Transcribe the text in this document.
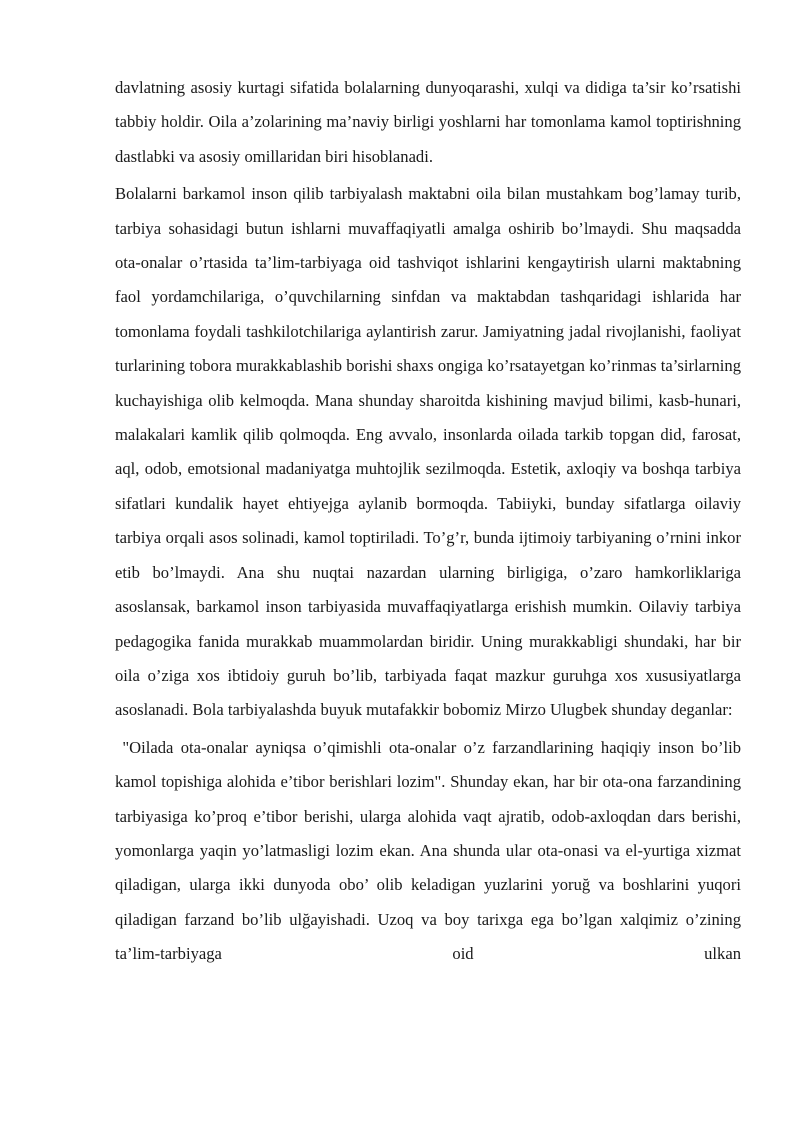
davlatning asosiy kurtagi sifatida bolalarning dunyoqarashi, xulqi va didiga ta’sir ko’rsatishi tabbiy holdir. Oila a’zolarining ma’naviy birligi yoshlarni har tomonlama kamol toptirishning dastlabki va asosiy omillaridan biri hisoblanadi.

Bolalarni barkamol inson qilib tarbiyalash maktabni oila bilan mustahkam bog’lamay turib, tarbiya sohasidagi butun ishlarni muvaffaqiyatli amalga oshirib bo’lmaydi. Shu maqsadda ota-onalar o’rtasida ta’lim-tarbiyaga oid tashviqot ishlarini kengaytirish ularni maktabning faol yordamchilariga, o’quvchilarning sinfdan va maktabdan tashqaridagi ishlarida har tomonlama foydali tashkilotchilariga aylantirish zarur. Jamiyatning jadal rivojlanishi, faoliyat turlarining tobora murakkablashib borishi shaxs ongiga ko’rsatayetgan ko’rinmas ta’sirlarning kuchayishiga olib kelmoqda. Mana shunday sharoitda kishining mavjud bilimi, kasb-hunari, malakalari kamlik qilib qolmoqda. Eng avvalo, insonlarda oilada tarkib topgan did, farosat, aql, odob, emotsional madaniyatga muhtojlik sezilmoqda. Estetik, axloqiy va boshqa tarbiya sifatlari kundalik hayet ehtiyejga aylanib bormoqda. Tabiiyki, bunday sifatlarga oilaviy tarbiya orqali asos solinadi, kamol toptiriladi. To’g’r, bunda ijtimoiy tarbiyaning o’rnini inkor etib bo’lmaydi. Ana shu nuqtai nazardan ularning birligiga, o’zaro hamkorliklariga asoslansak, barkamol inson tarbiyasida muvaffaqiyatlarga erishish mumkin. Oilaviy tarbiya pedagogika fanida murakkab muammolardan biridir. Uning murakkabligi shundaki, har bir oila o’ziga xos ibtidoiy guruh bo’lib, tarbiyada faqat mazkur guruhga xos xususiyatlarga asoslanadi. Bola tarbiyalashda buyuk mutafakkir bobomiz Mirzo Ulugbek shunday deganlar:

"Oilada ota-onalar ayniqsa o’qimishli ota-onalar o’z farzandlarining haqiqiy inson bo’lib kamol topishiga alohida e’tibor berishlari lozim". Shunday ekan, har bir ota-ona farzandining tarbiyasiga ko’proq e’tibor berishi, ularga alohida vaqt ajratib, odob-axloqdan dars berishi, yomonlarga yaqin yo’latmasligi lozim ekan. Ana shunda ular ota-onasi va el-yurtiga xizmat qiladigan, ularga ikki dunyoda obo’ olib keladigan yuzlarini yoruğ va boshlarini yuqori qiladigan farzand bo’lib ulğayishadi. Uzoq va boy tarixga ega bo’lgan xalqimiz o’zining ta’lim-tarbiyaga oid ulkan
